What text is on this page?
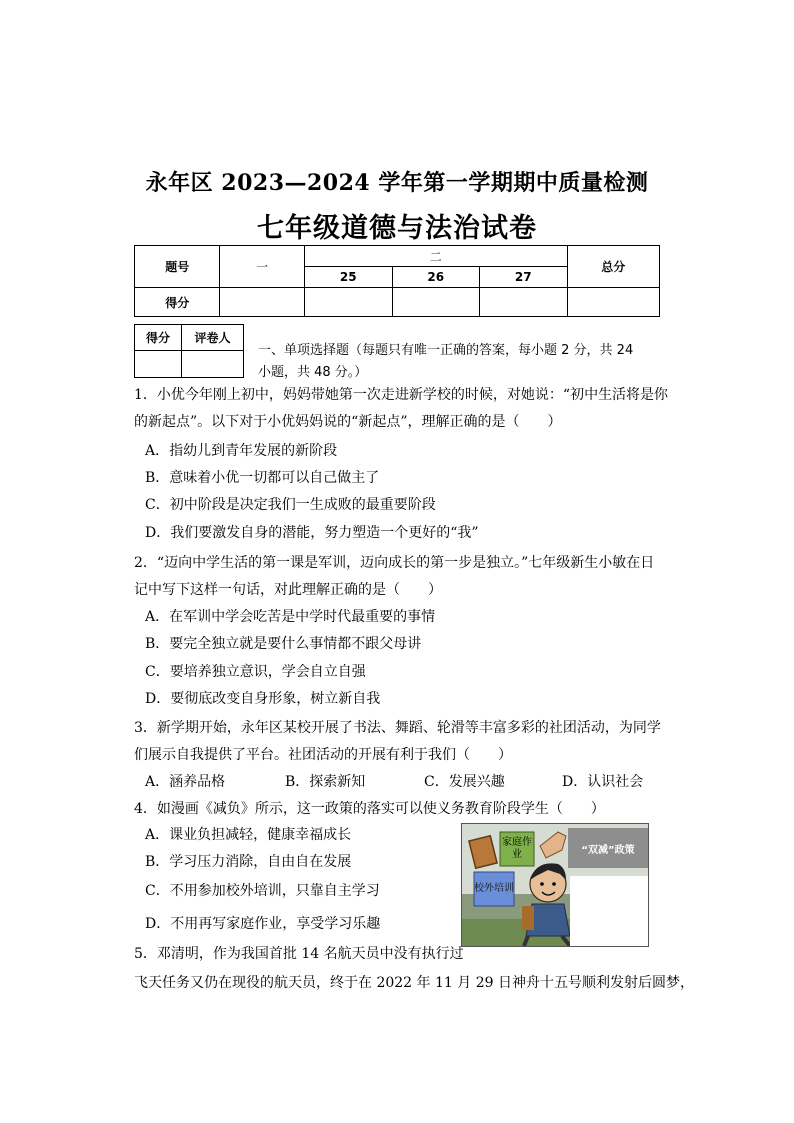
永年区 2023—2024 学年第一学期期中质量检测
七年级道德与法治试卷
题号	一	二			总分
		25	26	27	
得分					
得分	评卷人

一、单项选择题（每题只有唯一正确的答案，每小题 2 分，共 24
小题，共 48 分。）
1．小优今年刚上初中，妈妈带她第一次走进新学校的时候，对她说：“初中生活将是你
的新起点”。以下对于小优妈妈说的“新起点”，理解正确的是（　　）
A．指幼儿到青年发展的新阶段
B．意味着小优一切都可以自己做主了
C．初中阶段是决定我们一生成败的最重要阶段
D．我们要激发自身的潜能，努力塑造一个更好的“我”
2．“迈向中学生活的第一课是军训，迈向成长的第一步是独立。”七年级新生小敏在日
记中写下这样一句话，对此理解正确的是（　　）
A．在军训中学会吃苦是中学时代最重要的事情
B．要完全独立就是要什么事情都不跟父母讲
C．要培养独立意识，学会自立自强
D．要彻底改变自身形象，树立新自我
3．新学期开始，永年区某校开展了书法、舞蹈、轮滑等丰富多彩的社团活动，为同学
们展示自我提供了平台。社团活动的开展有利于我们（　　）
A．涵养品格	B．探索新知	C．发展兴趣	D．认识社会
4．如漫画《减负》所示，这一政策的落实可以使义务教育阶段学生（　　）
A．课业负担减轻，健康幸福成长
B．学习压力消除，自由自在发展
C．不用参加校外培训，只靠自主学习
D．不用再写家庭作业，享受学习乐趣
家庭作业
校外培训
“双减”政策
5．邓清明，作为我国首批 14 名航天员中没有执行过
飞天任务又仍在现役的航天员，终于在 2022 年 11 月 29 日神舟十五号顺利发射后圆梦，
